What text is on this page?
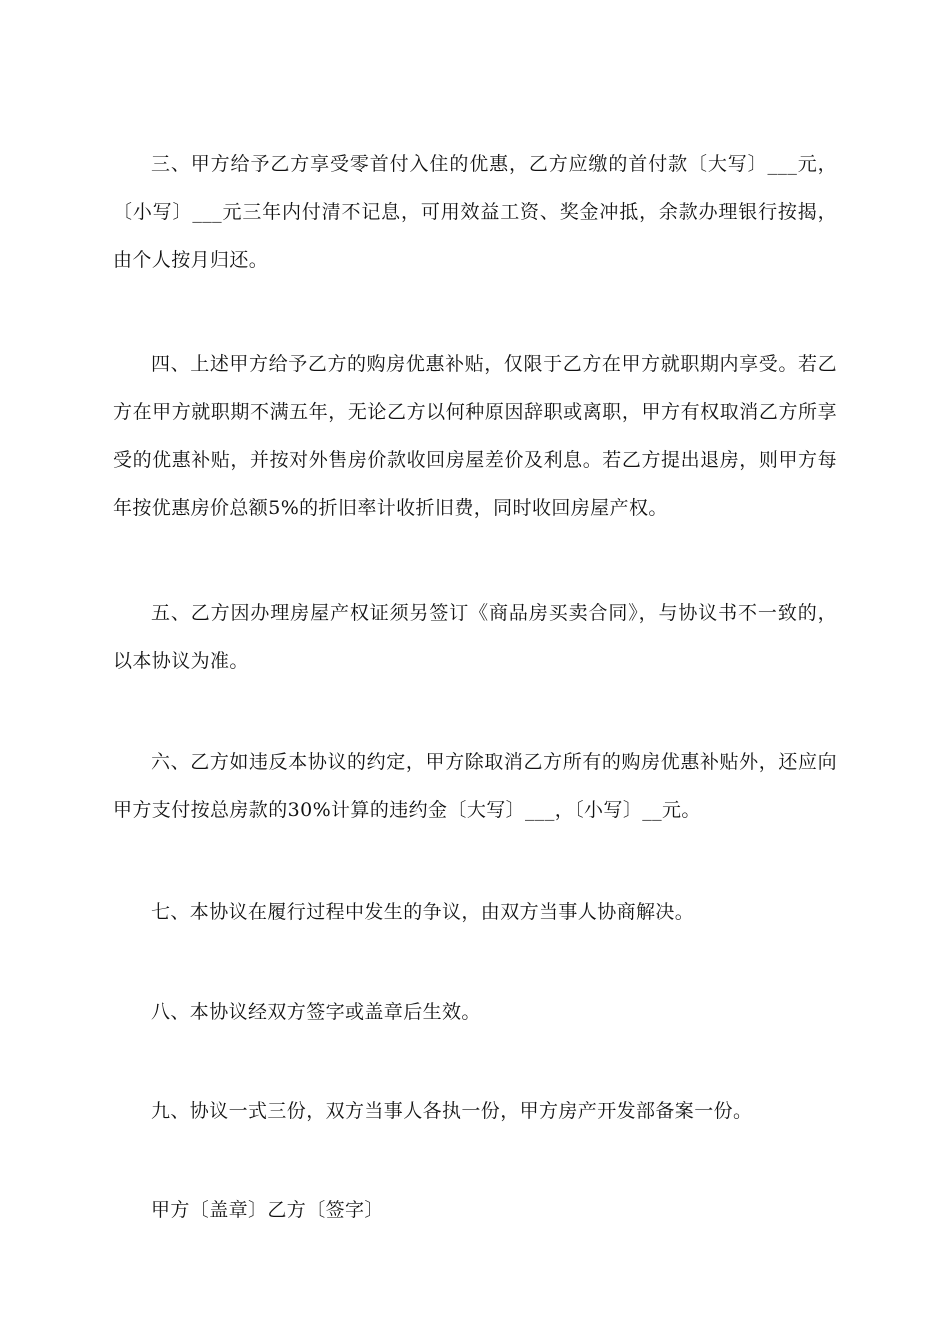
三、甲方给予乙方享受零首付入住的优惠，乙方应缴的首付款〔大写〕___元，〔小写〕___元三年内付清不记息，可用效益工资、奖金冲抵，余款办理银行按揭，由个人按月归还。

四、上述甲方给予乙方的购房优惠补贴，仅限于乙方在甲方就职期内享受。若乙方在甲方就职期不满五年，无论乙方以何种原因辞职或离职，甲方有权取消乙方所享受的优惠补贴，并按对外售房价款收回房屋差价及利息。若乙方提出退房，则甲方每年按优惠房价总额5%的折旧率计收折旧费，同时收回房屋产权。

五、乙方因办理房屋产权证须另签订《商品房买卖合同》，与协议书不一致的，以本协议为准。

六、乙方如违反本协议的约定，甲方除取消乙方所有的购房优惠补贴外，还应向甲方支付按总房款的30%计算的违约金〔大写〕___，〔小写〕__元。

七、本协议在履行过程中发生的争议，由双方当事人协商解决。

八、本协议经双方签字或盖章后生效。

九、协议一式三份，双方当事人各执一份，甲方房产开发部备案一份。

甲方〔盖章〕乙方〔签字〕
